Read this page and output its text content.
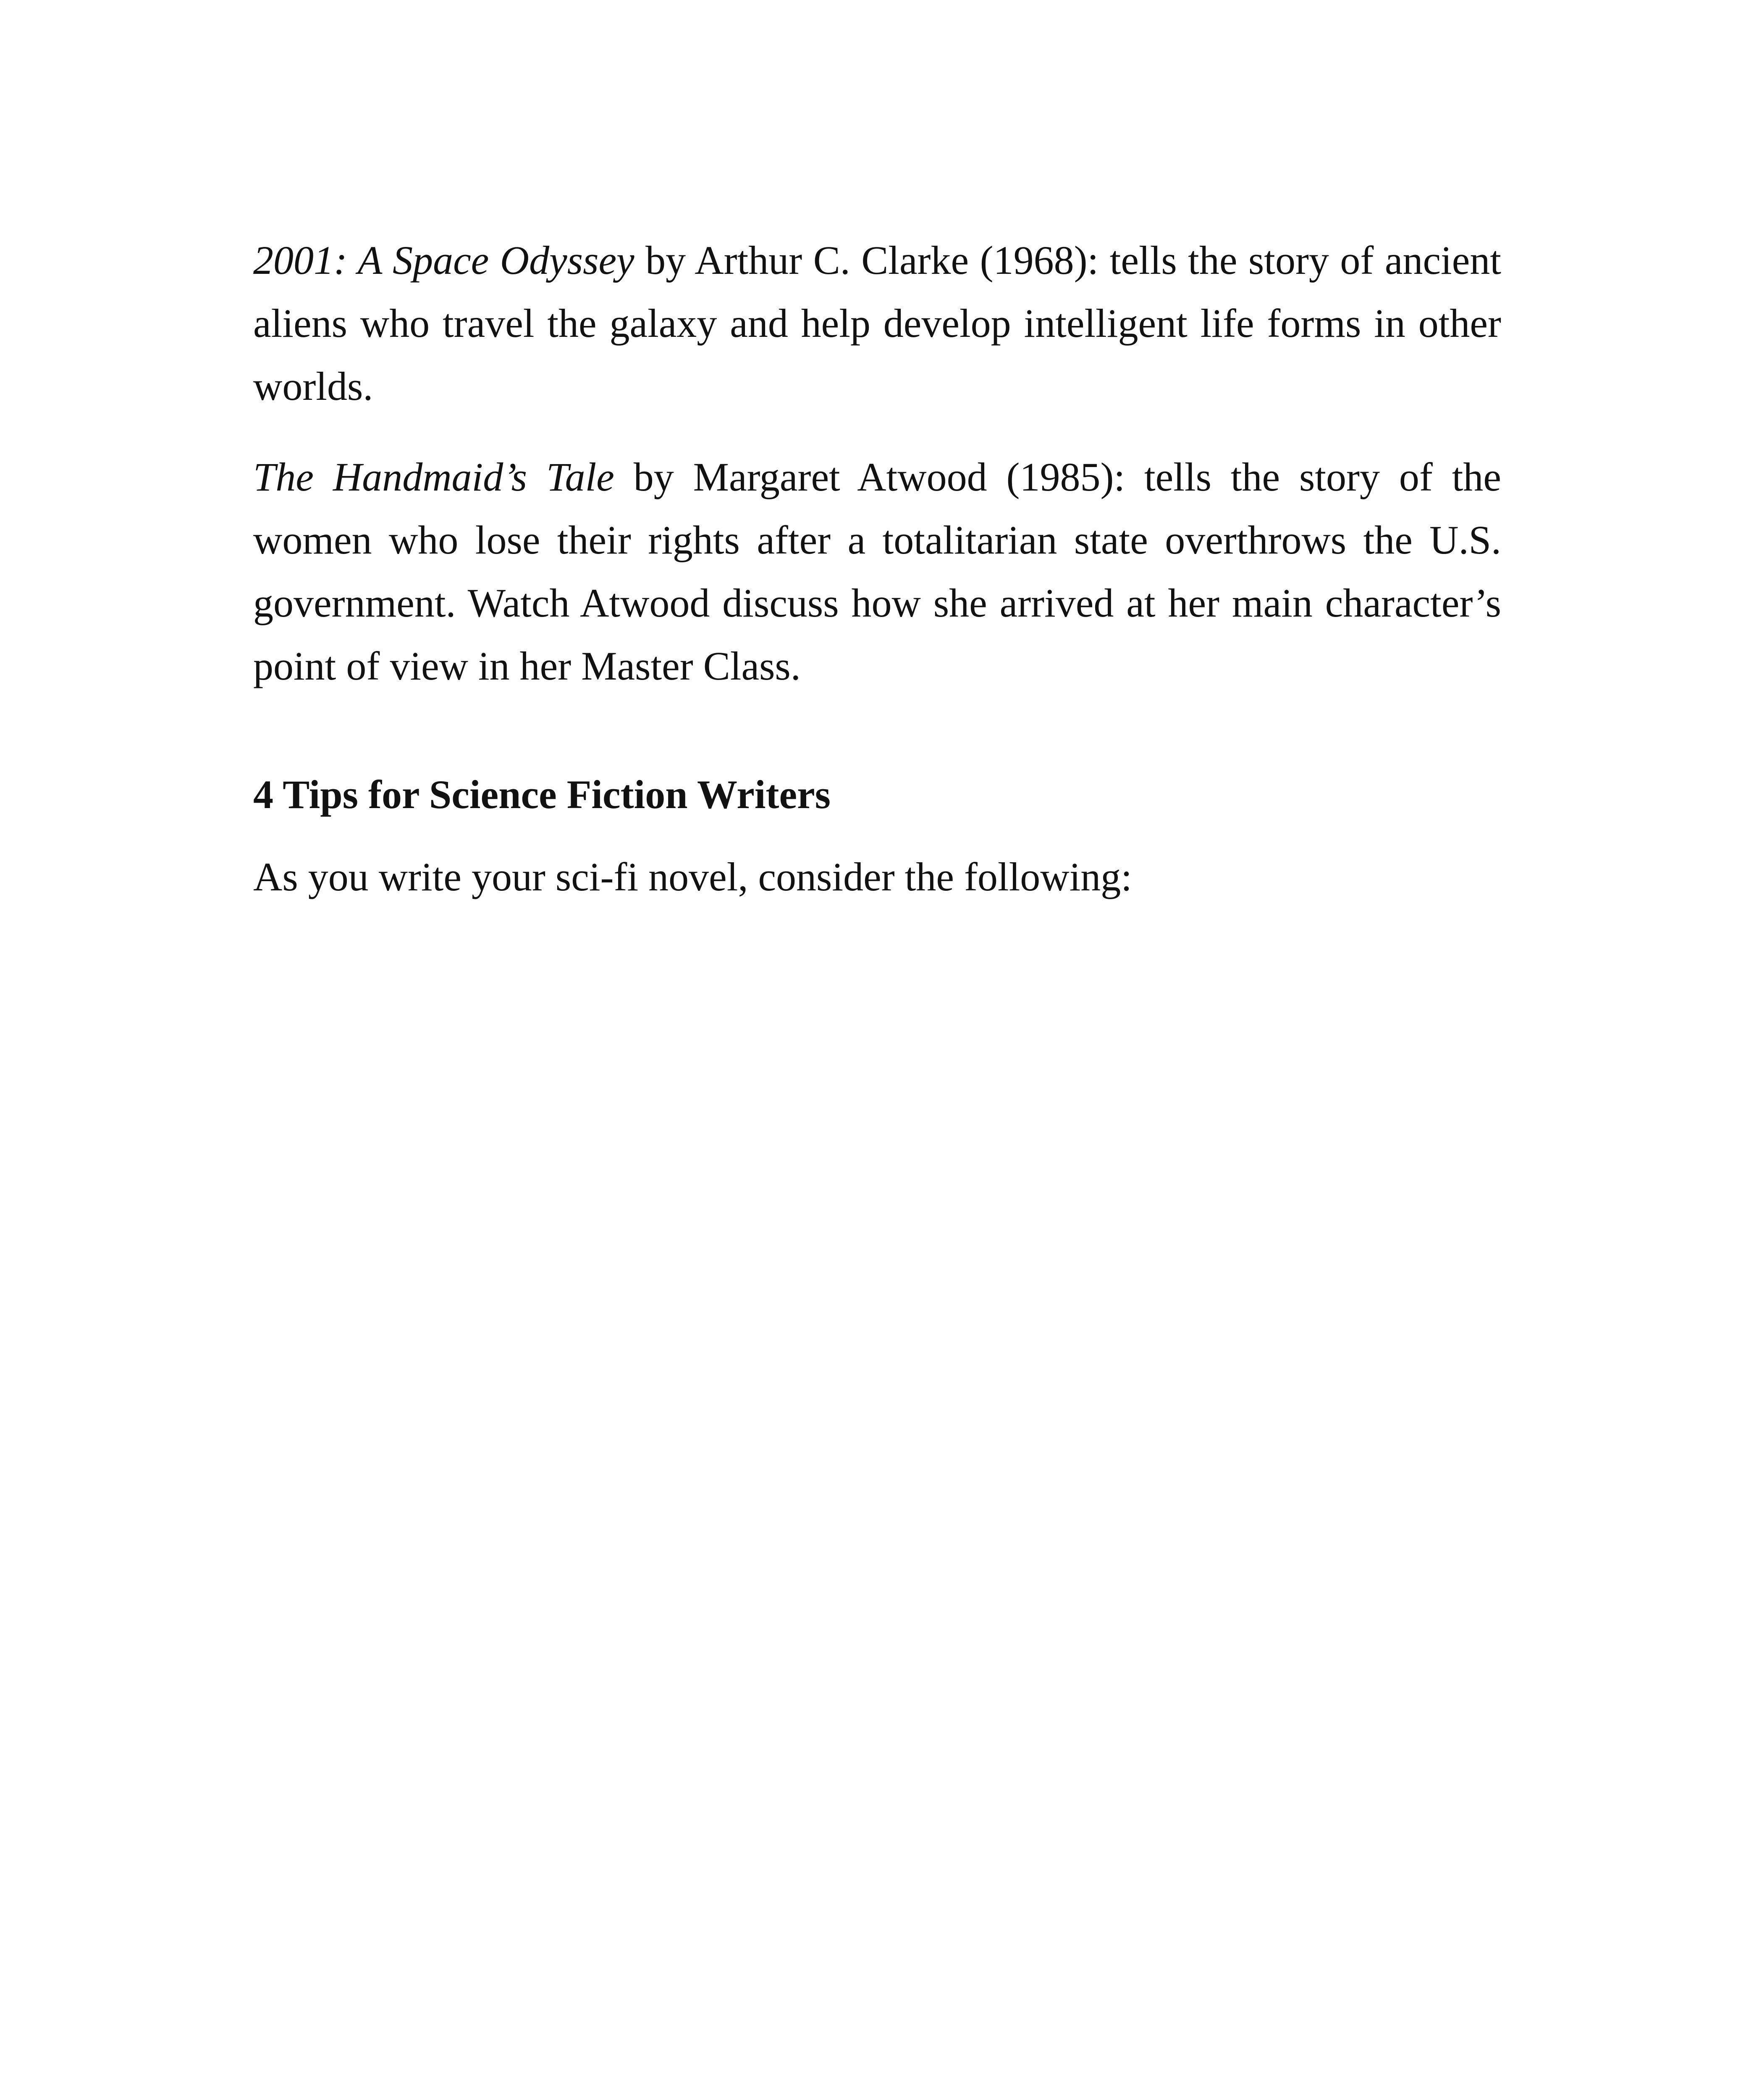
2001: A Space Odyssey by Arthur C. Clarke (1968): tells the story of ancient aliens who travel the galaxy and help develop intelligent life forms in other worlds.

The Handmaid’s Tale by Margaret Atwood (1985): tells the story of the women who lose their rights after a totalitarian state overthrows the U.S. government. Watch Atwood discuss how she arrived at her main character’s point of view in her Master Class.

4 Tips for Science Fiction Writers

As you write your sci-fi novel, consider the following:
